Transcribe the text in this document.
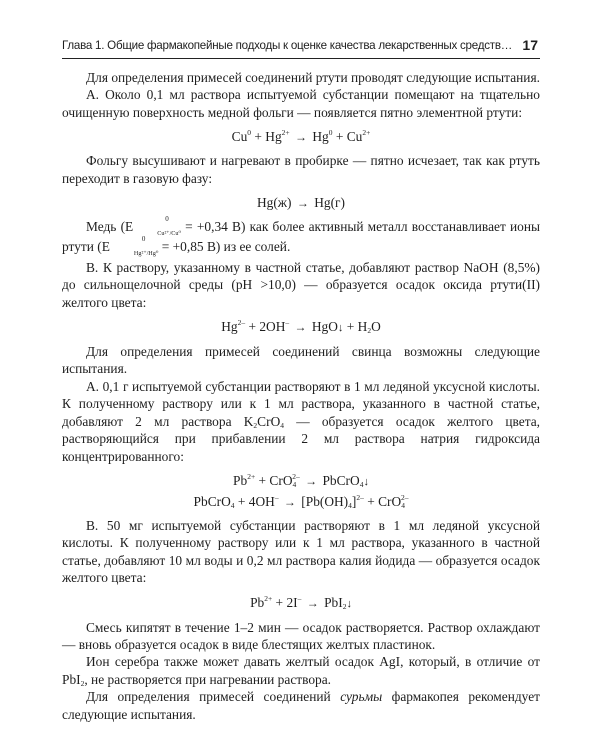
Глава 1. Общие фармакопейные подходы к оценке качества лекарственных средств… 17

Для определения примесей соединений ртути проводят следующие испытания.

А. Около 0,1 мл раствора испытуемой субстанции помещают на тщательно очищенную поверхность медной фольги — появляется пятно элементной ртути:

$Cu^0 + Hg^{2+} \to Hg^0 + Cu^{2+}$

Фольгу высушивают и нагревают в пробирке — пятно исчезает, так как ртуть переходит в газовую фазу:

Hg(ж) → Hg(г)

Медь (E	0
$_{Cu^{2+}/Cu^0}$ = +0,34 В) как более активный металл восстанавливает ионы ртути (E	0
$_{Hg^{2+}/Hg^0}$ = +0,85 В) из ее солей.

В. К раствору, указанному в частной статье, добавляют раствор NaOH (8,5%) до сильнощелочной среды (рН >10,0) — образуется осадок оксида ртути(II) желтого цвета:

$Hg^{2-} + 2OH^-$ → HgO↓ + $H_2O$

Для определения примесей соединений свинца возможны следующие испытания.

А. 0,1 г испытуемой субстанции растворяют в 1 мл ледяной уксусной кислоты. К полученному раствору или к 1 мл раствора, указанного в частной статье, добавляют 2 мл раствора $K_2CrO_4$ — образуется осадок желтого цвета, растворяющийся при прибавлении 2 мл раствора натрия гидроксида концентрированного:

$Pb^{2+} + CrO_4^{2-}$ → PbCrO$_4$↓
PbCrO$_4$ + $4OH^- \to [Pb(OH)_4]^{2-} + CrO_4^{2-}$

В. 50 мг испытуемой субстанции растворяют в 1 мл ледяной уксусной кислоты. К полученному раствору или к 1 мл раствора, указанного в частной статье, добавляют 10 мл воды и 0,2 мл раствора калия йодида — образуется осадок желтого цвета:

$Pb^{2+} + 2I^-$ → PbI$_2$↓

Смесь кипятят в течение 1–2 мин — осадок растворяется. Раствор охлаждают — вновь образуется осадок в виде блестящих желтых пластинок.

Ион серебра также может давать желтый осадок AgI, который, в отличие от PbI$_2$, не растворяется при нагревании раствора.

Для определения примесей соединений сурьмы фармакопея рекомендует следующие испытания.
